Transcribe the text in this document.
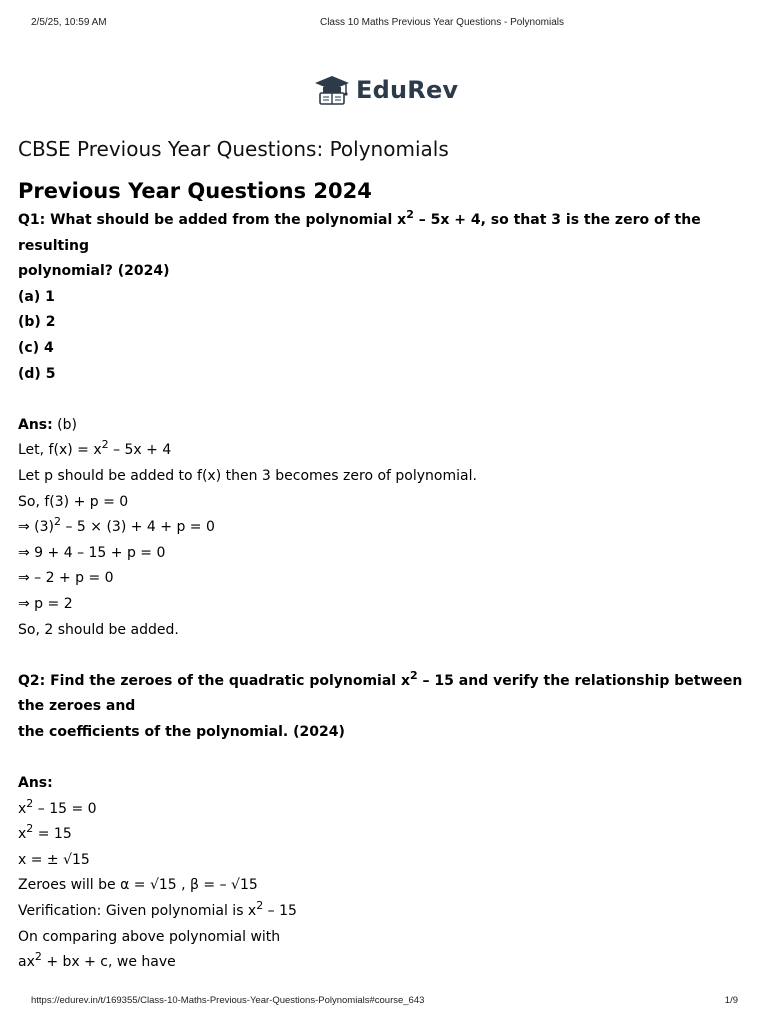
2/5/25, 10:59 AM	Class 10 Maths Previous Year Questions - Polynomials
EduRev
CBSE Previous Year Questions: Polynomials
Previous Year Questions 2024

Q1: What should be added from the polynomial $x^2 - 5x + 4$, so that 3 is the zero of the resulting

polynomial? (2024)

(a) 1

(b) 2

(c) 4

(d) 5

Ans: (b)

Let, $f(x) = x^2 - 5x + 4$

Let p should be added to f(x) then 3 becomes zero of polynomial.

So, f(3) + p = 0

⇒ $(3)^2 - 5 \times (3) + 4 + p = 0$

⇒ 9 + 4 – 15 + p = 0

⇒ – 2 + p = 0

⇒ p = 2

So, 2 should be added.

Q2: Find the zeroes of the quadratic polynomial $x^2 - 15$ and verify the relationship between the zeroes and

the coefficients of the polynomial. (2024)

Ans:

$x^2 - 15 = 0$

$x^2 = 15$

x = ± √15

Zeroes will be α = √15 , β = – √15

Verification: Given polynomial is $x^2 - 15$

On comparing above polynomial with

$ax^2$ + bx + c, we have

https://edurev.in/t/169355/Class-10-Maths-Previous-Year-Questions-Polynomials#course_643	1/9
